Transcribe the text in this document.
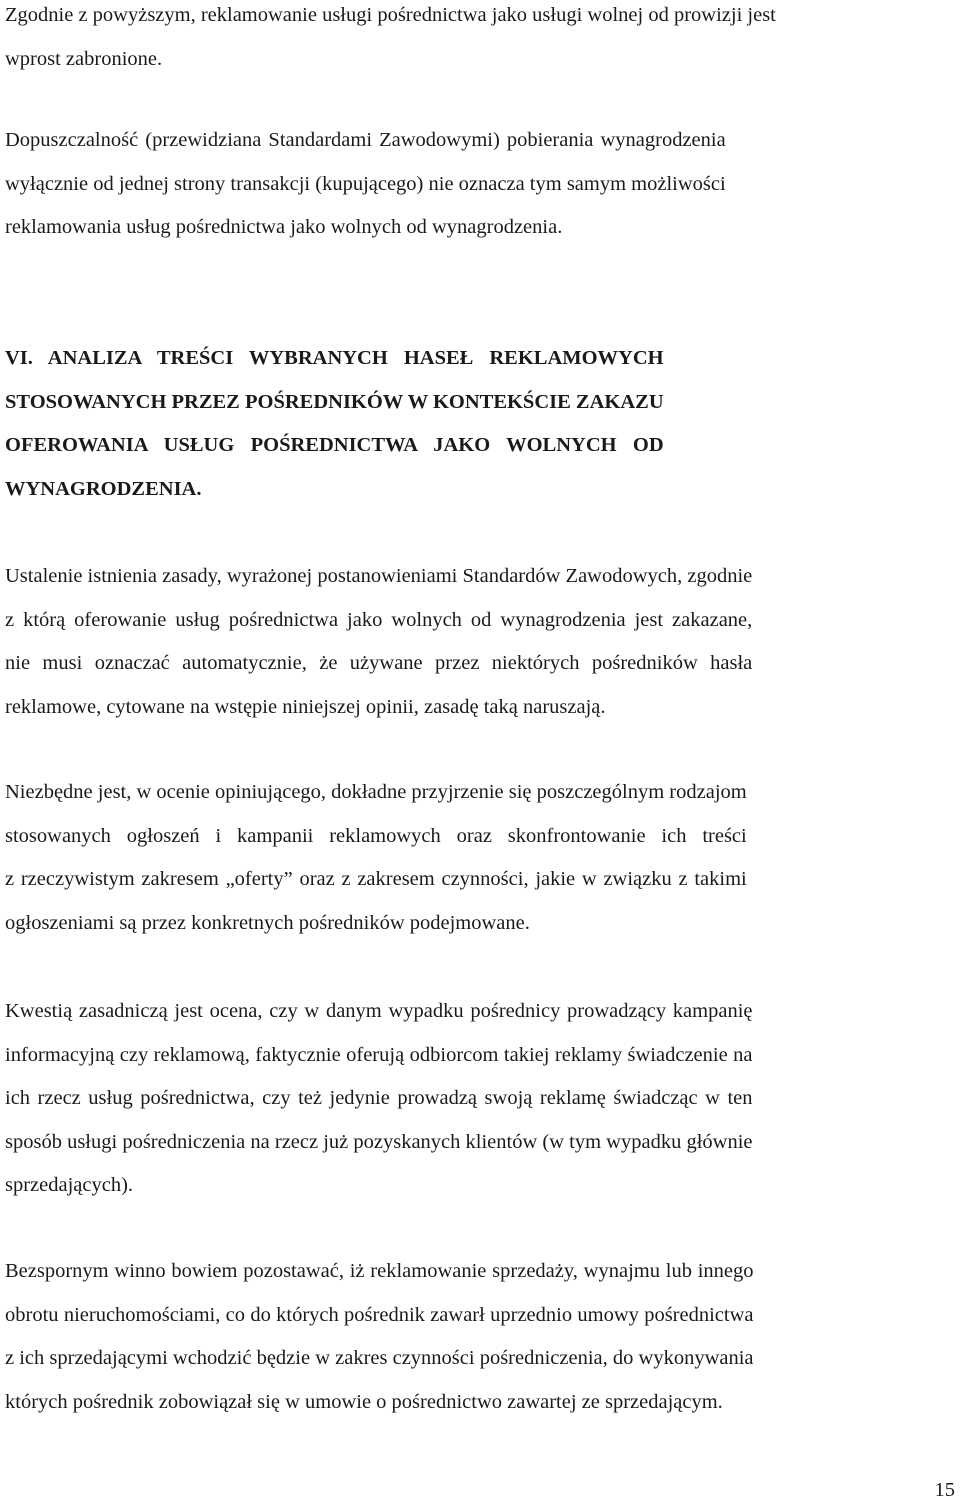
Zgodnie z powyższym, reklamowanie usługi pośrednictwa jako usługi wolnej od prowizji jest
wprost zabronione.

Dopuszczalność (przewidziana Standardami Zawodowymi) pobierania wynagrodzenia
wyłącznie od jednej strony transakcji (kupującego) nie oznacza tym samym możliwości
reklamowania usług pośrednictwa jako wolnych od wynagrodzenia.

VI. ANALIZA TREŚCI WYBRANYCH HASEŁ REKLAMOWYCH
STOSOWANYCH PRZEZ POŚREDNIKÓW W KONTEKŚCIE ZAKAZU
OFEROWANIA USŁUG POŚREDNICTWA JAKO WOLNYCH OD
WYNAGRODZENIA.

Ustalenie istnienia zasady, wyrażonej postanowieniami Standardów Zawodowych, zgodnie
z którą oferowanie usług pośrednictwa jako wolnych od wynagrodzenia jest zakazane,
nie musi oznaczać automatycznie, że używane przez niektórych pośredników hasła
reklamowe, cytowane na wstępie niniejszej opinii, zasadę taką naruszają.

Niezbędne jest, w ocenie opiniującego, dokładne przyjrzenie się poszczególnym rodzajom
stosowanych ogłoszeń i kampanii reklamowych oraz skonfrontowanie ich treści
z rzeczywistym zakresem „oferty” oraz z zakresem czynności, jakie w związku z takimi
ogłoszeniami są przez konkretnych pośredników podejmowane.

Kwestią zasadniczą jest ocena, czy w danym wypadku pośrednicy prowadzący kampanię
informacyjną czy reklamową, faktycznie oferują odbiorcom takiej reklamy świadczenie na
ich rzecz usług pośrednictwa, czy też jedynie prowadzą swoją reklamę świadcząc w ten
sposób usługi pośredniczenia na rzecz już pozyskanych klientów (w tym wypadku głównie
sprzedających).

Bezspornym winno bowiem pozostawać, iż reklamowanie sprzedaży, wynajmu lub innego
obrotu nieruchomościami, co do których pośrednik zawarł uprzednio umowy pośrednictwa
z ich sprzedającymi wchodzić będzie w zakres czynności pośredniczenia, do wykonywania
których pośrednik zobowiązał się w umowie o pośrednictwo zawartej ze sprzedającym.

15
